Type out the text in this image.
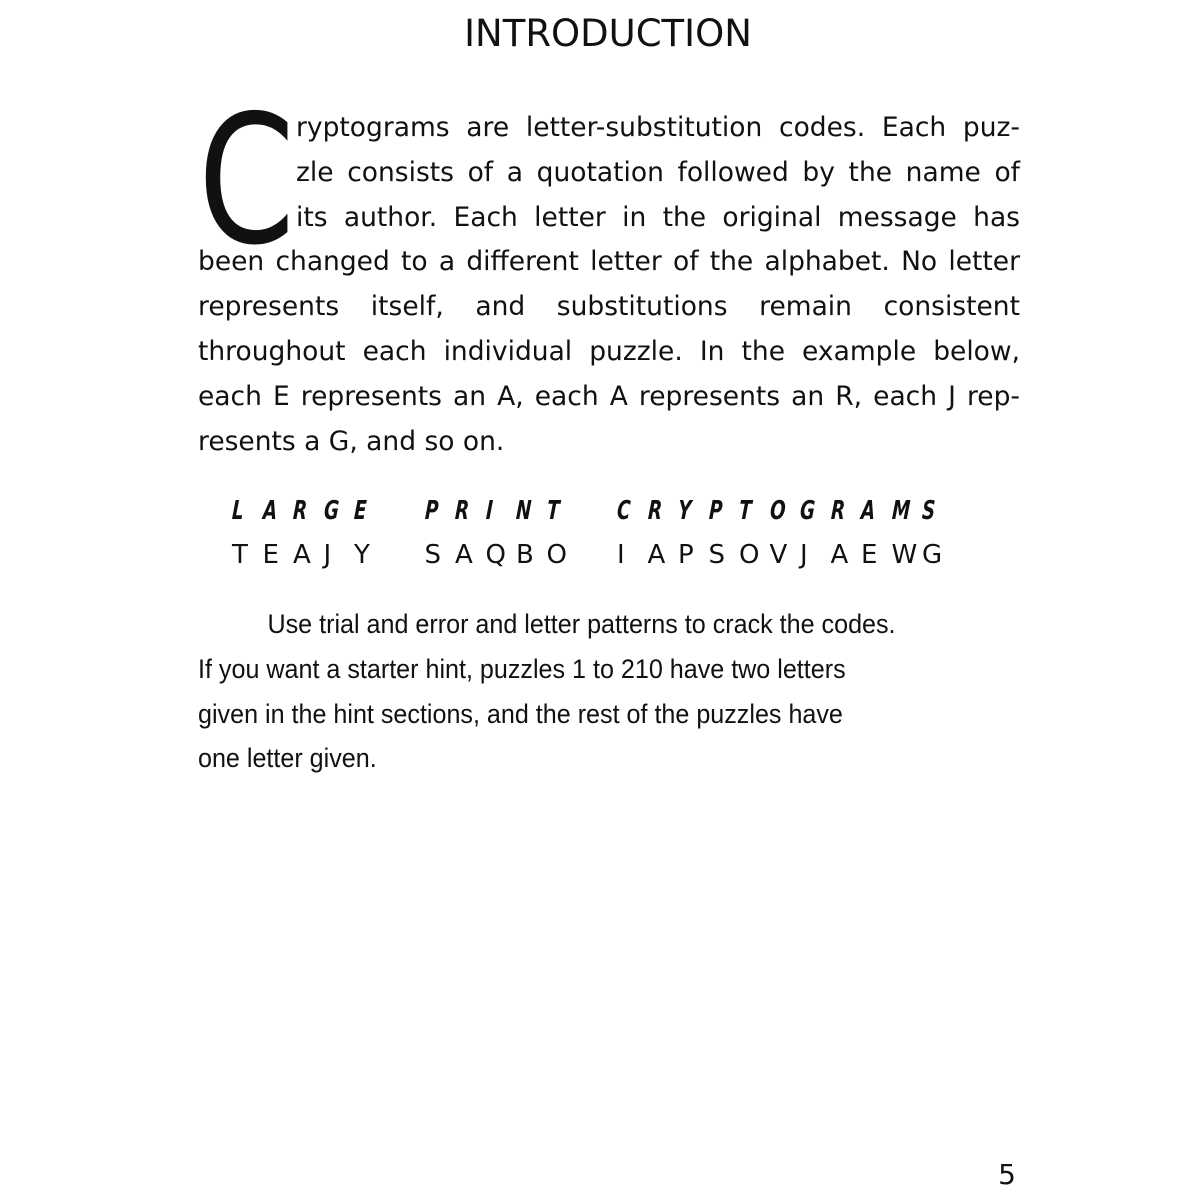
INTRODUCTION
C ryptograms are letter-substitution codes. Each puz-
zle consists of a quotation followed by the name of
its author. Each letter in the original message has
been changed to a different letter of the alphabet. No letter
represents itself, and substitutions remain consistent
throughout each individual puzzle. In the example below,
each E represents an A, each A represents an R, each J rep-
resents a G, and so on.
L A R G E	P R I N T	C R Y P T O G R A M S
T E A J Y	S A Q B O	I A P S O V J A E W G
Use trial and error and letter patterns to crack the codes.
If you want a starter hint, puzzles 1 to 210 have two letters
given in the hint sections, and the rest of the puzzles have
one letter given.
5
